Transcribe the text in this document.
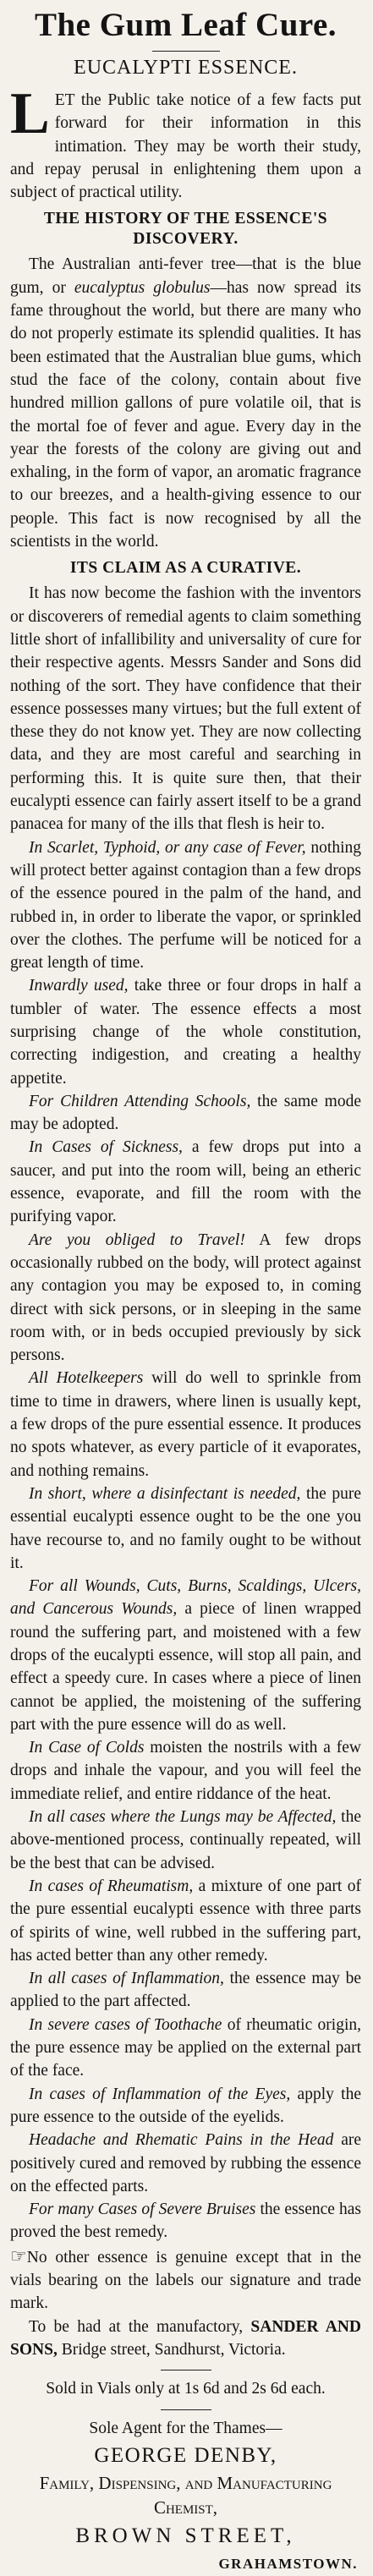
The Gum Leaf Cure.
EUCALYPTI ESSENCE.

LET the Public take notice of a few facts put forward for their information in this intimation. They may be worth their study, and repay perusal in enlightening them upon a subject of practical utility.

THE HISTORY OF THE ESSENCE'S DISCOVERY.

The Australian anti-fever tree—that is the blue gum, or eucalyptus globulus—has now spread its fame throughout the world, but there are many who do not properly estimate its splendid qualities. It has been estimated that the Australian blue gums, which stud the face of the colony, contain about five hundred million gallons of pure volatile oil, that is the mortal foe of fever and ague. Every day in the year the forests of the colony are giving out and exhaling, in the form of vapor, an aromatic fragrance to our breezes, and a health-giving essence to our people. This fact is now recognised by all the scientists in the world.

ITS CLAIM AS A CURATIVE.

It has now become the fashion with the inventors or discoverers of remedial agents to claim something little short of infallibility and universality of cure for their respective agents. Messrs Sander and Sons did nothing of the sort. They have confidence that their essence possesses many virtues; but the full extent of these they do not know yet. They are now collecting data, and they are most careful and searching in performing this. It is quite sure then, that their eucalypti essence can fairly assert itself to be a grand panacea for many of the ills that flesh is heir to.

In Scarlet, Typhoid, or any case of Fever, nothing will protect better against contagion than a few drops of the essence poured in the palm of the hand, and rubbed in, in order to liberate the vapor, or sprinkled over the clothes. The perfume will be noticed for a great length of time.

Inwardly used, take three or four drops in half a tumbler of water. The essence effects a most surprising change of the whole constitution, correcting indigestion, and creating a healthy appetite.

For Children Attending Schools, the same mode may be adopted.

In Cases of Sickness, a few drops put into a saucer, and put into the room will, being an etheric essence, evaporate, and fill the room with the purifying vapor.

Are you obliged to Travel! A few drops occasionally rubbed on the body, will protect against any contagion you may be exposed to, in coming direct with sick persons, or in sleeping in the same room with, or in beds occupied previously by sick persons.

All Hotelkeepers will do well to sprinkle from time to time in drawers, where linen is usually kept, a few drops of the pure essential essence. It produces no spots whatever, as every particle of it evaporates, and nothing remains.

In short, where a disinfectant is needed, the pure essential eucalypti essence ought to be the one you have recourse to, and no family ought to be without it.

For all Wounds, Cuts, Burns, Scaldings, Ulcers, and Cancerous Wounds, a piece of linen wrapped round the suffering part, and moistened with a few drops of the eucalypti essence, will stop all pain, and effect a speedy cure. In cases where a piece of linen cannot be applied, the moistening of the suffering part with the pure essence will do as well.

In Case of Colds moisten the nostrils with a few drops and inhale the vapour, and you will feel the immediate relief, and entire riddance of the heat.

In all cases where the Lungs may be Affected, the above-mentioned process, continually repeated, will be the best that can be advised.

In cases of Rheumatism, a mixture of one part of the pure essential eucalypti essence with three parts of spirits of wine, well rubbed in the suffering part, has acted better than any other remedy.

In all cases of Inflammation, the essence may be applied to the part affected.

In severe cases of Toothache of rheumatic origin, the pure essence may be applied on the external part of the face.

In cases of Inflammation of the Eyes, apply the pure essence to the outside of the eyelids.

Headache and Rhematic Pains in the Head are positively cured and removed by rubbing the essence on the effected parts.

For many Cases of Severe Bruises the essence has proved the best remedy.

☞No other essence is genuine except that in the vials bearing on the labels our signature and trade mark.

To be had at the manufactory, SANDER AND SONS, Bridge street, Sandhurst, Victoria.

Sold in Vials only at 1s 6d and 2s 6d each.

Sole Agent for the Thames—

GEORGE DENBY,
Family, Dispensing, and Manufacturing Chemist,
BROWN STREET,
GRAHAMSTOWN.
